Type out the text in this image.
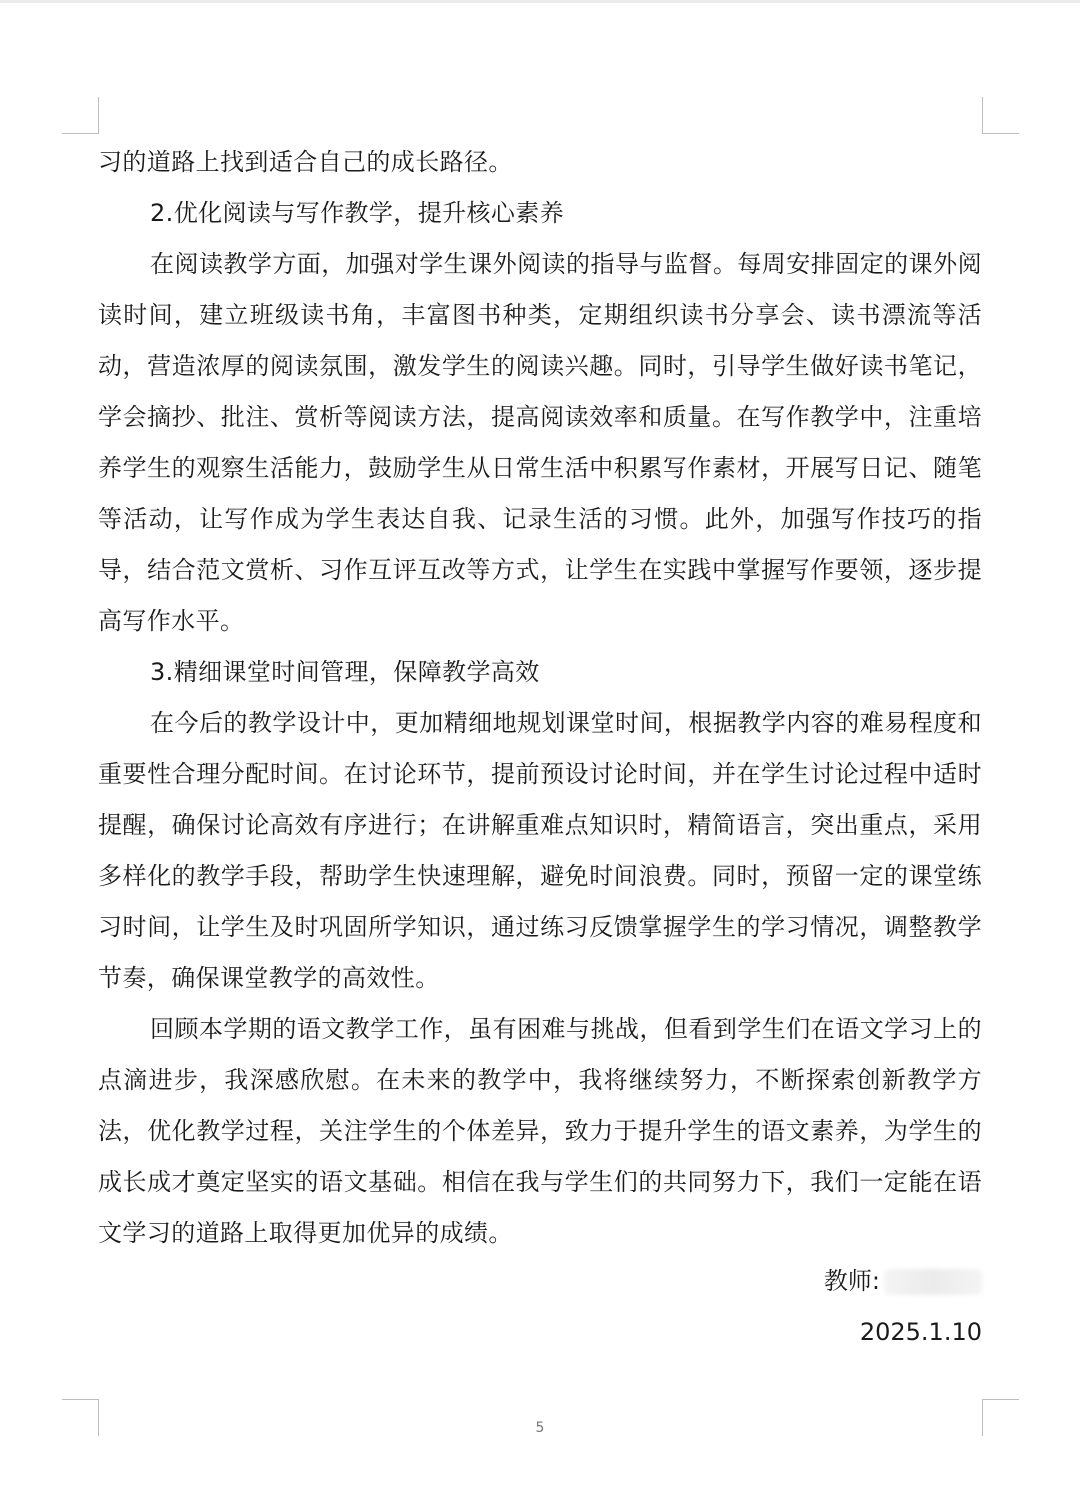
习的道路上找到适合自己的成长路径。

2.优化阅读与写作教学，提升核心素养

在阅读教学方面，加强对学生课外阅读的指导与监督。每周安排固定的课外阅读时间，建立班级读书角，丰富图书种类，定期组织读书分享会、读书漂流等活动，营造浓厚的阅读氛围，激发学生的阅读兴趣。同时，引导学生做好读书笔记，学会摘抄、批注、赏析等阅读方法，提高阅读效率和质量。在写作教学中，注重培养学生的观察生活能力，鼓励学生从日常生活中积累写作素材，开展写日记、随笔等活动，让写作成为学生表达自我、记录生活的习惯。此外，加强写作技巧的指导，结合范文赏析、习作互评互改等方式，让学生在实践中掌握写作要领，逐步提高写作水平。

3.精细课堂时间管理，保障教学高效

在今后的教学设计中，更加精细地规划课堂时间，根据教学内容的难易程度和重要性合理分配时间。在讨论环节，提前预设讨论时间，并在学生讨论过程中适时提醒，确保讨论高效有序进行；在讲解重难点知识时，精简语言，突出重点，采用多样化的教学手段，帮助学生快速理解，避免时间浪费。同时，预留一定的课堂练习时间，让学生及时巩固所学知识，通过练习反馈掌握学生的学习情况，调整教学节奏，确保课堂教学的高效性。

回顾本学期的语文教学工作，虽有困难与挑战，但看到学生们在语文学习上的点滴进步，我深感欣慰。在未来的教学中，我将继续努力，不断探索创新教学方法，优化教学过程，关注学生的个体差异，致力于提升学生的语文素养，为学生的成长成才奠定坚实的语文基础。相信在我与学生们的共同努力下，我们一定能在语文学习的道路上取得更加优异的成绩。

教师:
2025.1.10
5
